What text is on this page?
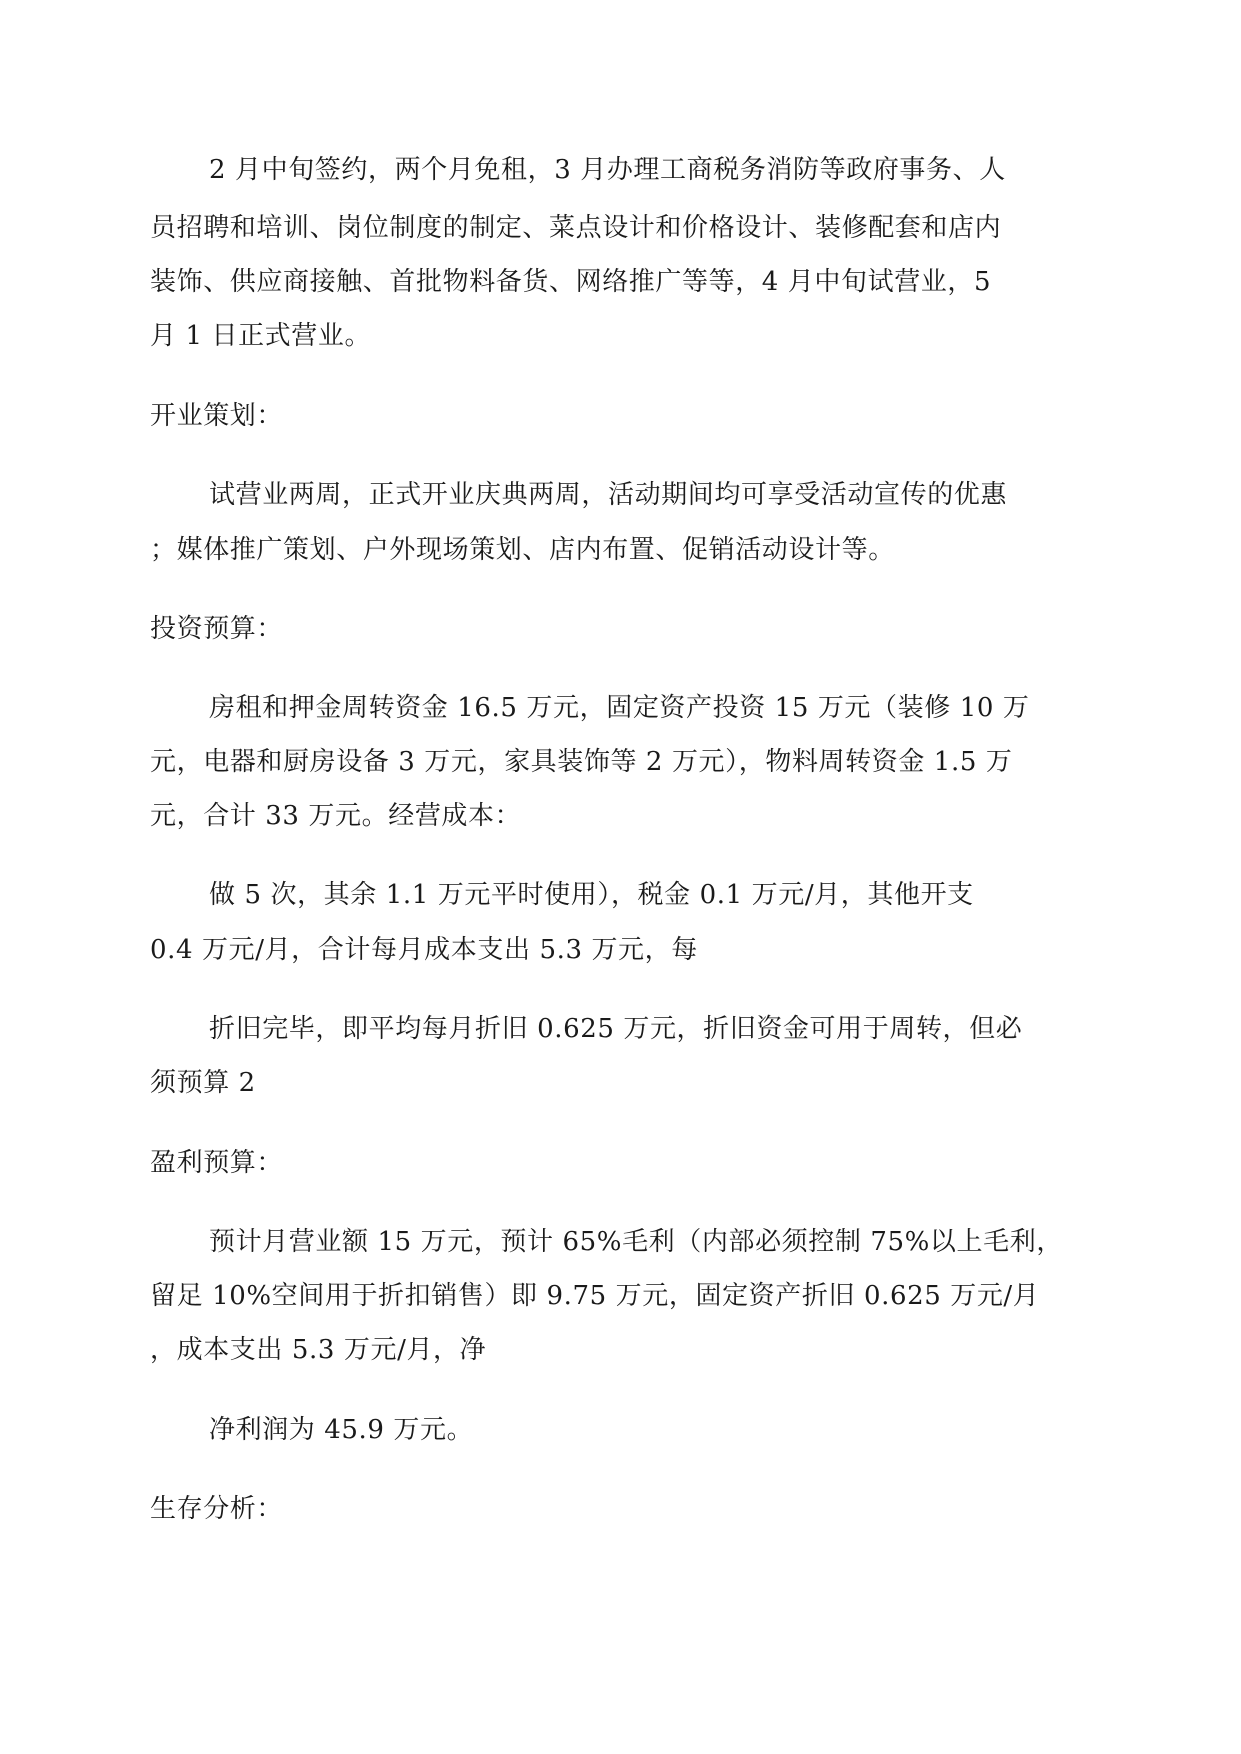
2 月中旬签约，两个月免租，3 月办理工商税务消防等政府事务、人
员招聘和培训、岗位制度的制定、菜点设计和价格设计、装修配套和店内
装饰、供应商接触、首批物料备货、网络推广等等，4 月中旬试营业，5
月 1 日正式营业。
开业策划：
试营业两周，正式开业庆典两周，活动期间均可享受活动宣传的优惠
；媒体推广策划、户外现场策划、店内布置、促销活动设计等。
投资预算：
房租和押金周转资金 16.5 万元，固定资产投资 15 万元（装修 10 万
元，电器和厨房设备 3 万元，家具装饰等 2 万元），物料周转资金 1.5 万
元，合计 33 万元。经营成本：
做 5 次，其余 1.1 万元平时使用），税金 0.1 万元/月，其他开支
0.4 万元/月，合计每月成本支出 5.3 万元，每
折旧完毕，即平均每月折旧 0.625 万元，折旧资金可用于周转，但必
须预算 2
盈利预算：
预计月营业额 15 万元，预计 65%毛利（内部必须控制 75%以上毛利，
留足 10%空间用于折扣销售）即 9.75 万元，固定资产折旧 0.625 万元/月
，成本支出 5.3 万元/月，净
净利润为 45.9 万元。
生存分析：
